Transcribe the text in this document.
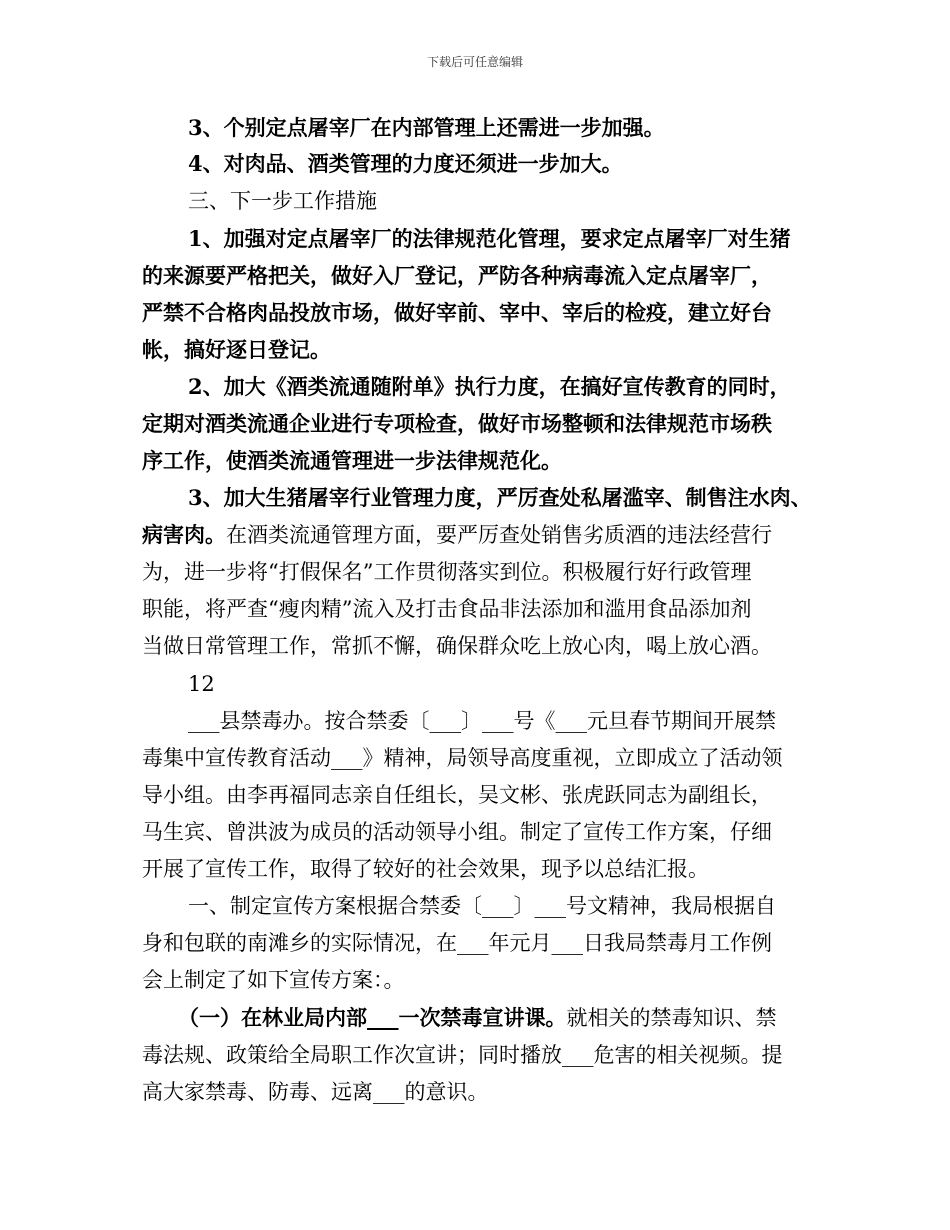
下载后可任意编辑
3、个别定点屠宰厂在内部管理上还需进一步加强。
4、对肉品、酒类管理的力度还须进一步加大。
三、下一步工作措施
1、加强对定点屠宰厂的法律规范化管理，要求定点屠宰厂对生猪
的来源要严格把关，做好入厂登记，严防各种病毒流入定点屠宰厂，
严禁不合格肉品投放市场，做好宰前、宰中、宰后的检疫，建立好台
帐，搞好逐日登记。
2、加大《酒类流通随附单》执行力度，在搞好宣传教育的同时，
定期对酒类流通企业进行专项检查，做好市场整顿和法律规范市场秩
序工作，使酒类流通管理进一步法律规范化。
3、加大生猪屠宰行业管理力度，严厉查处私屠滥宰、制售注水肉、
病害肉。在酒类流通管理方面，要严厉查处销售劣质酒的违法经营行
为，进一步将“打假保名”工作贯彻落实到位。积极履行好行政管理
职能，将严查“瘦肉精”流入及打击食品非法添加和滥用食品添加剂
当做日常管理工作，常抓不懈，确保群众吃上放心肉，喝上放心酒。
12
___县禁毒办。按合禁委〔___〕___号《___元旦春节期间开展禁
毒集中宣传教育活动___》精神，局领导高度重视，立即成立了活动领
导小组。由李再福同志亲自任组长，吴文彬、张虎跃同志为副组长，
马生宾、曾洪波为成员的活动领导小组。制定了宣传工作方案，仔细
开展了宣传工作，取得了较好的社会效果，现予以总结汇报。
一、制定宣传方案根据合禁委〔___〕___号文精神，我局根据自
身和包联的南滩乡的实际情况，在___年元月___日我局禁毒月工作例
会上制定了如下宣传方案：。
（一）在林业局内部___一次禁毒宣讲课。就相关的禁毒知识、禁
毒法规、政策给全局职工作次宣讲；同时播放___危害的相关视频。提
高大家禁毒、防毒、远离___的意识。
